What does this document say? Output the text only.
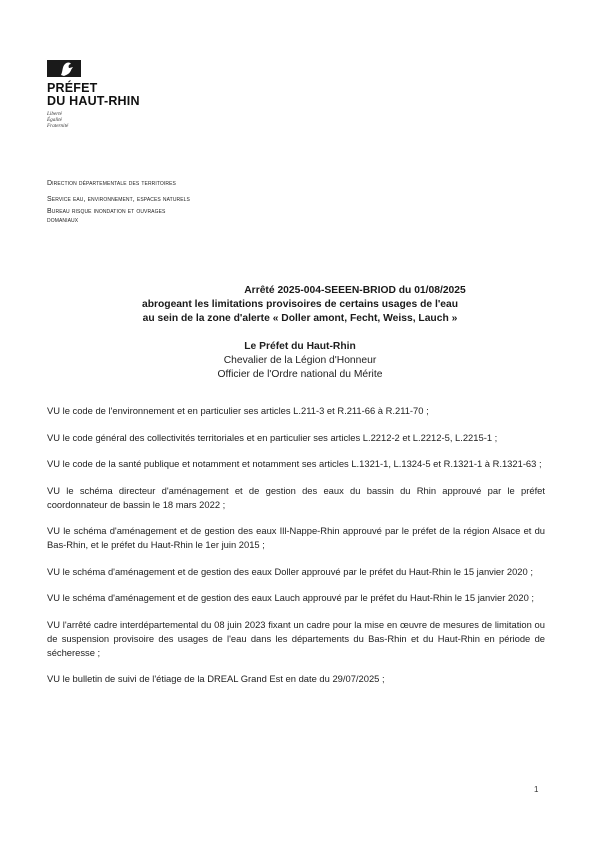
PRÉFET
DU HAUT-RHIN
Liberté
Égalité
Fraternité
Direction départementale des territoires
Service eau, environnement, espaces naturels
Bureau risque inondation et ouvrages
domaniaux
Arrêté 2025-004-SEEEN-BRIOD du 01/08/2025
abrogeant les limitations provisoires de certains usages de l'eau
au sein de la zone d'alerte « Doller amont, Fecht, Weiss, Lauch »
Le Préfet du Haut-Rhin
Chevalier de la Légion d'Honneur
Officier de l'Ordre national du Mérite

VU le code de l'environnement et en particulier ses articles L.211-3 et R.211-66 à R.211-70 ;

VU le code général des collectivités territoriales et en particulier ses articles L.2212-2 et L.2212-5, L.2215-1 ;

VU le code de la santé publique et notamment et notamment ses articles L.1321-1, L.1324-5 et R.1321-1 à R.1321-63 ;

VU le schéma directeur d'aménagement et de gestion des eaux du bassin du Rhin approuvé par le préfet coordonnateur de bassin le 18 mars 2022 ;

VU le schéma d'aménagement et de gestion des eaux Ill-Nappe-Rhin approuvé par le préfet de la région Alsace et du Bas-Rhin, et le préfet du Haut-Rhin le 1er juin 2015 ;

VU le schéma d'aménagement et de gestion des eaux Doller approuvé par le préfet du Haut-Rhin le 15 janvier 2020 ;

VU le schéma d'aménagement et de gestion des eaux Lauch approuvé par le préfet du Haut-Rhin le 15 janvier 2020 ;

VU l'arrêté cadre interdépartemental du 08 juin 2023 fixant un cadre pour la mise en œuvre de mesures de limitation ou de suspension provisoire des usages de l'eau dans les départements du Bas-Rhin et du Haut-Rhin en période de sécheresse ;

VU le bulletin de suivi de l'étiage de la DREAL Grand Est en date du 29/07/2025 ;

1
